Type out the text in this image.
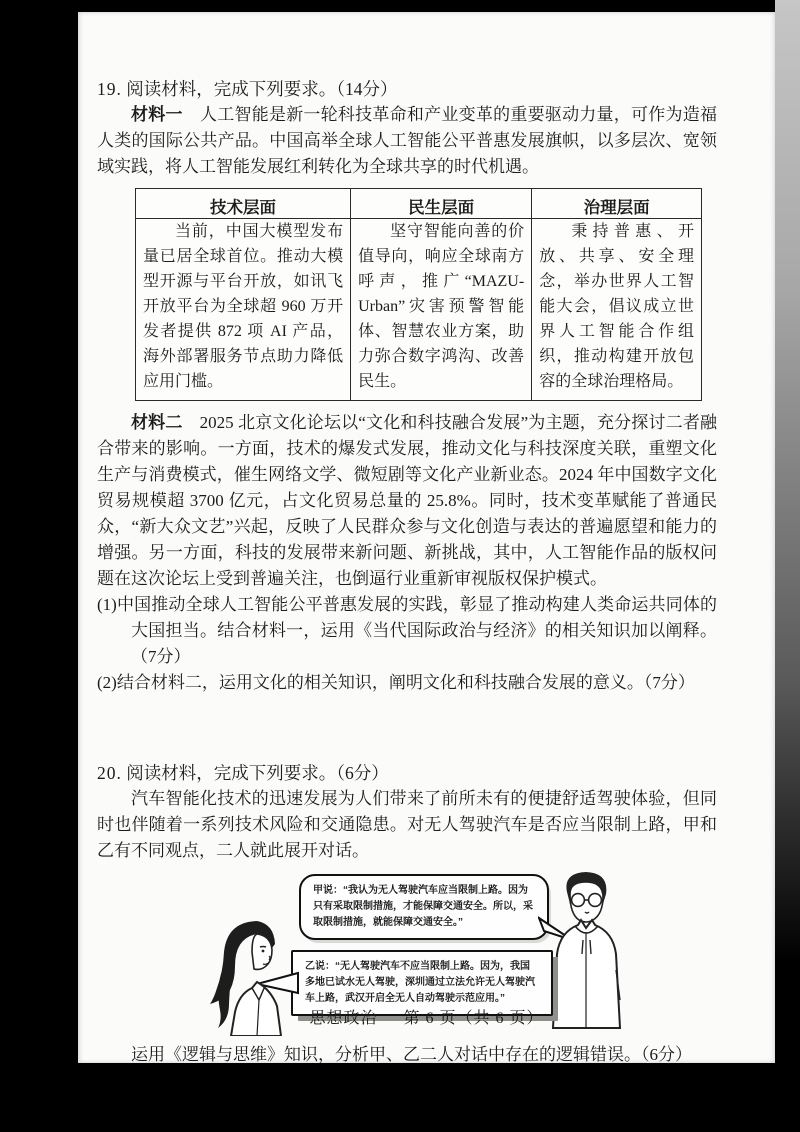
19. 阅读材料，完成下列要求。（14分）

材料一　人工智能是新一轮科技革命和产业变革的重要驱动力量，可作为造福人类的国际公共产品。中国高举全球人工智能公平普惠发展旗帜，以多层次、宽领域实践，将人工智能发展红利转化为全球共享的时代机遇。

技术层面	民生层面	治理层面

当前，中国大模型发布量已居全球首位。推动大模型开源与平台开放，如讯飞开放平台为全球超 960 万开发者提供 872 项 AI 产品，海外部署服务节点助力降低应用门槛。	坚守智能向善的价值导向，响应全球南方呼声，推广“MAZU-Urban”灾害预警智能体、智慧农业方案，助力弥合数字鸿沟、改善民生。	秉持普惠、开放、共享、安全理念，举办世界人工智能大会，倡议成立世界人工智能合作组织，推动构建开放包容的全球治理格局。

材料二　2025 北京文化论坛以“文化和科技融合发展”为主题，充分探讨二者融合带来的影响。一方面，技术的爆发式发展，推动文化与科技深度关联，重塑文化生产与消费模式，催生网络文学、微短剧等文化产业新业态。2024 年中国数字文化贸易规模超 3700 亿元，占文化贸易总量的 25.8%。同时，技术变革赋能了普通民众，“新大众文艺”兴起，反映了人民群众参与文化创造与表达的普遍愿望和能力的增强。另一方面，科技的发展带来新问题、新挑战，其中，人工智能作品的版权问题在这次论坛上受到普遍关注，也倒逼行业重新审视版权保护模式。

(1)中国推动全球人工智能公平普惠发展的实践，彰显了推动构建人类命运共同体的大国担当。结合材料一，运用《当代国际政治与经济》的相关知识加以阐释。（7分）

(2)结合材料二，运用文化的相关知识，阐明文化和科技融合发展的意义。（7分）

20. 阅读材料，完成下列要求。（6分）

汽车智能化技术的迅速发展为人们带来了前所未有的便捷舒适驾驶体验，但同时也伴随着一系列技术风险和交通隐患。对无人驾驶汽车是否应当限制上路，甲和乙有不同观点，二人就此展开对话。

甲说：“我认为无人驾驶汽车应当限制上路。因为只有采取限制措施，才能保障交通安全。所以，采取限制措施，就能保障交通安全。”
乙说：“无人驾驶汽车不应当限制上路。因为，我国多地已试水无人驾驶，深圳通过立法允许无人驾驶汽车上路，武汉开启全无人自动驾驶示范应用。”

运用《逻辑与思维》知识，分析甲、乙二人对话中存在的逻辑错误。（6分）

思想政治 第 6 页（共 6 页）
